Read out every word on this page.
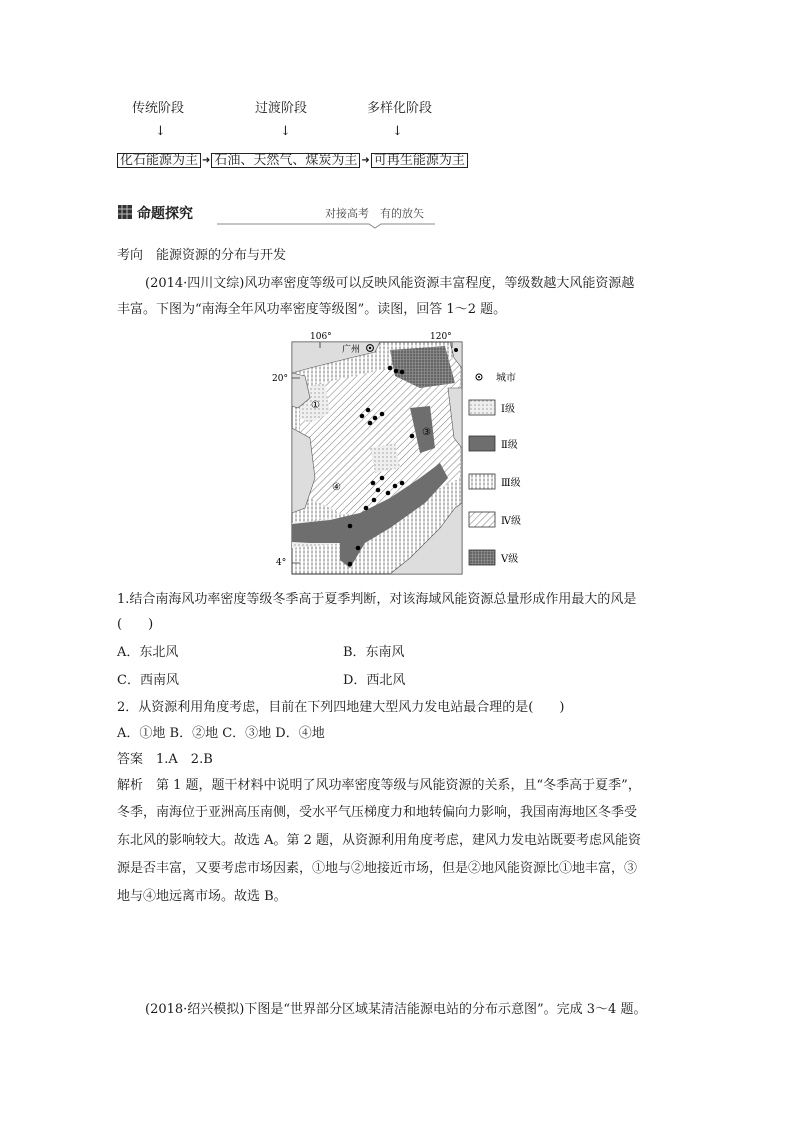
传统阶段	过渡阶段	多样化阶段
↓	↓	↓
化石能源为主 ➜ 石油、天然气、煤炭为主 ➜ 可再生能源为主
命题探究	对接高考　有的放矢
考向　能源资源的分布与开发
(2014·四川文综)风功率密度等级可以反映风能资源丰富程度，等级数越大风能资源越
丰富。下图为“南海全年风功率密度等级图”。读图，回答 1～2 题。
广州
①
③
④
106°	120°
20°
4°
城市
Ⅰ级
Ⅱ级
Ⅲ级
Ⅳ级
Ⅴ级
1.结合南海风功率密度等级冬季高于夏季判断，对该海域风能资源总量形成作用最大的风是
(　　)
A．东北风	B．东南风
C．西南风	D．西北风
2．从资源利用角度考虑，目前在下列四地建大型风力发电站最合理的是(　　)
A．①地 B．②地 C．③地 D．④地
答案　1.A　2.B
解析　第 1 题，题干材料中说明了风功率密度等级与风能资源的关系，且“冬季高于夏季”，
冬季，南海位于亚洲高压南侧，受水平气压梯度力和地转偏向力影响，我国南海地区冬季受
东北风的影响较大。故选 A。第 2 题，从资源利用角度考虑，建风力发电站既要考虑风能资
源是否丰富，又要考虑市场因素，①地与②地接近市场，但是②地风能资源比①地丰富，③
地与④地远离市场。故选 B。
(2018·绍兴模拟)下图是“世界部分区域某清洁能源电站的分布示意图”。完成 3～4 题。
